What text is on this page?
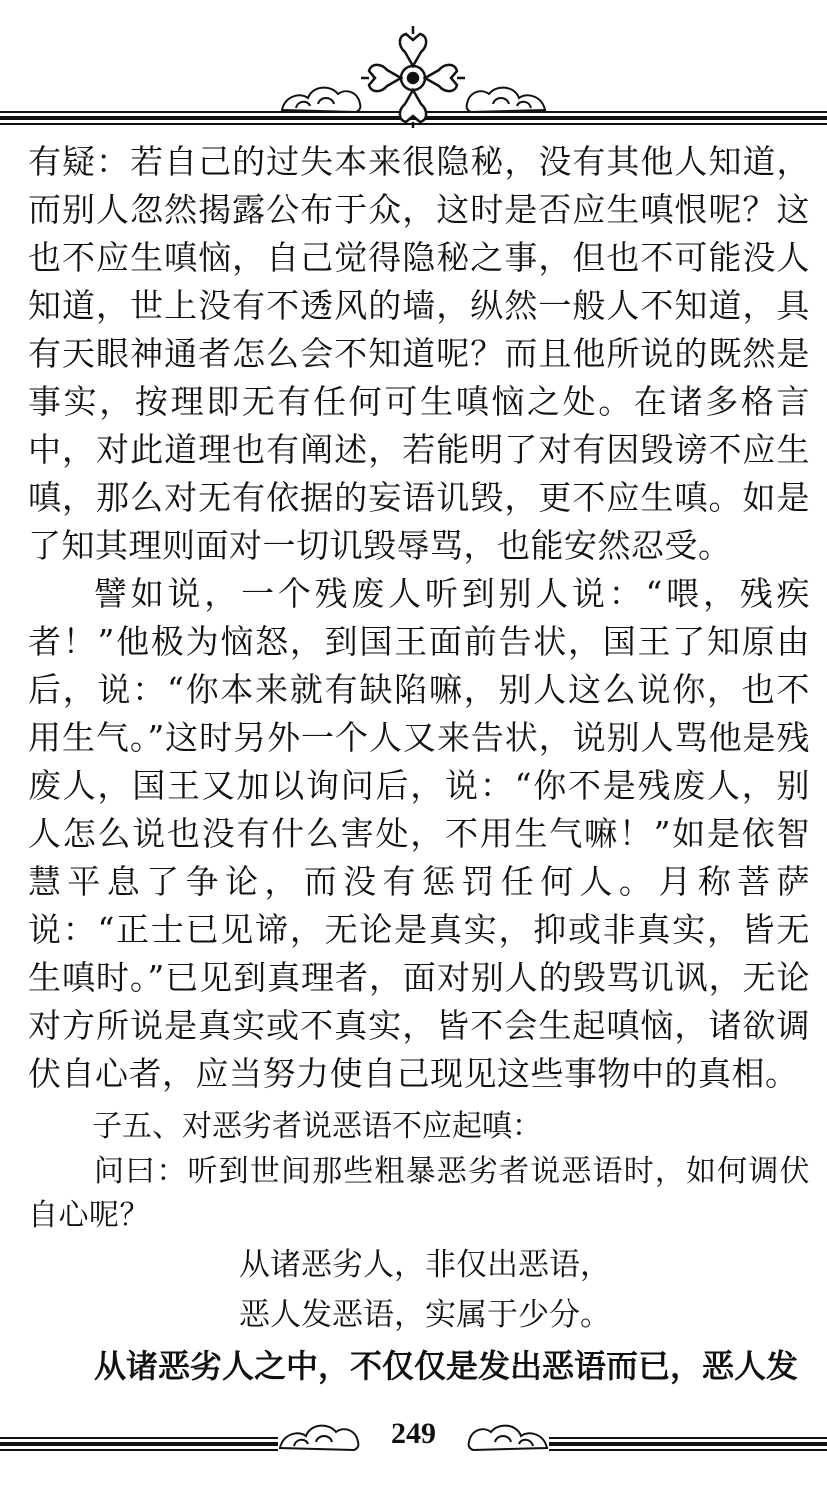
有疑：若自己的过失本来很隐秘，没有其他人知道，而别人忽然揭露公布于众，这时是否应生嗔恨呢？这也不应生嗔恼，自己觉得隐秘之事，但也不可能没人知道，世上没有不透风的墙，纵然一般人不知道，具有天眼神通者怎么会不知道呢？而且他所说的既然是事实，按理即无有任何可生嗔恼之处。在诸多格言中，对此道理也有阐述，若能明了对有因毁谤不应生嗔，那么对无有依据的妄语讥毁，更不应生嗔。如是了知其理则面对一切讥毁辱骂，也能安然忍受。

譬如说，一个残废人听到别人说：“喂，残疾者！”他极为恼怒，到国王面前告状，国王了知原由后，说：“你本来就有缺陷嘛，别人这么说你，也不用生气。”这时另外一个人又来告状，说别人骂他是残废人，国王又加以询问后，说：“你不是残废人，别人怎么说也没有什么害处，不用生气嘛！”如是依智慧平息了争论，而没有惩罚任何人。月称菩萨说：“正士已见谛，无论是真实，抑或非真实，皆无生嗔时。”已见到真理者，面对别人的毁骂讥讽，无论对方所说是真实或不真实，皆不会生起嗔恼，诸欲调伏自心者，应当努力使自己现见这些事物中的真相。

子五、对恶劣者说恶语不应起嗔：

问曰：听到世间那些粗暴恶劣者说恶语时，如何调伏自心呢？

从诸恶劣人，非仅出恶语，

恶人发恶语，实属于少分。

从诸恶劣人之中，不仅仅是发出恶语而已，恶人发

249
